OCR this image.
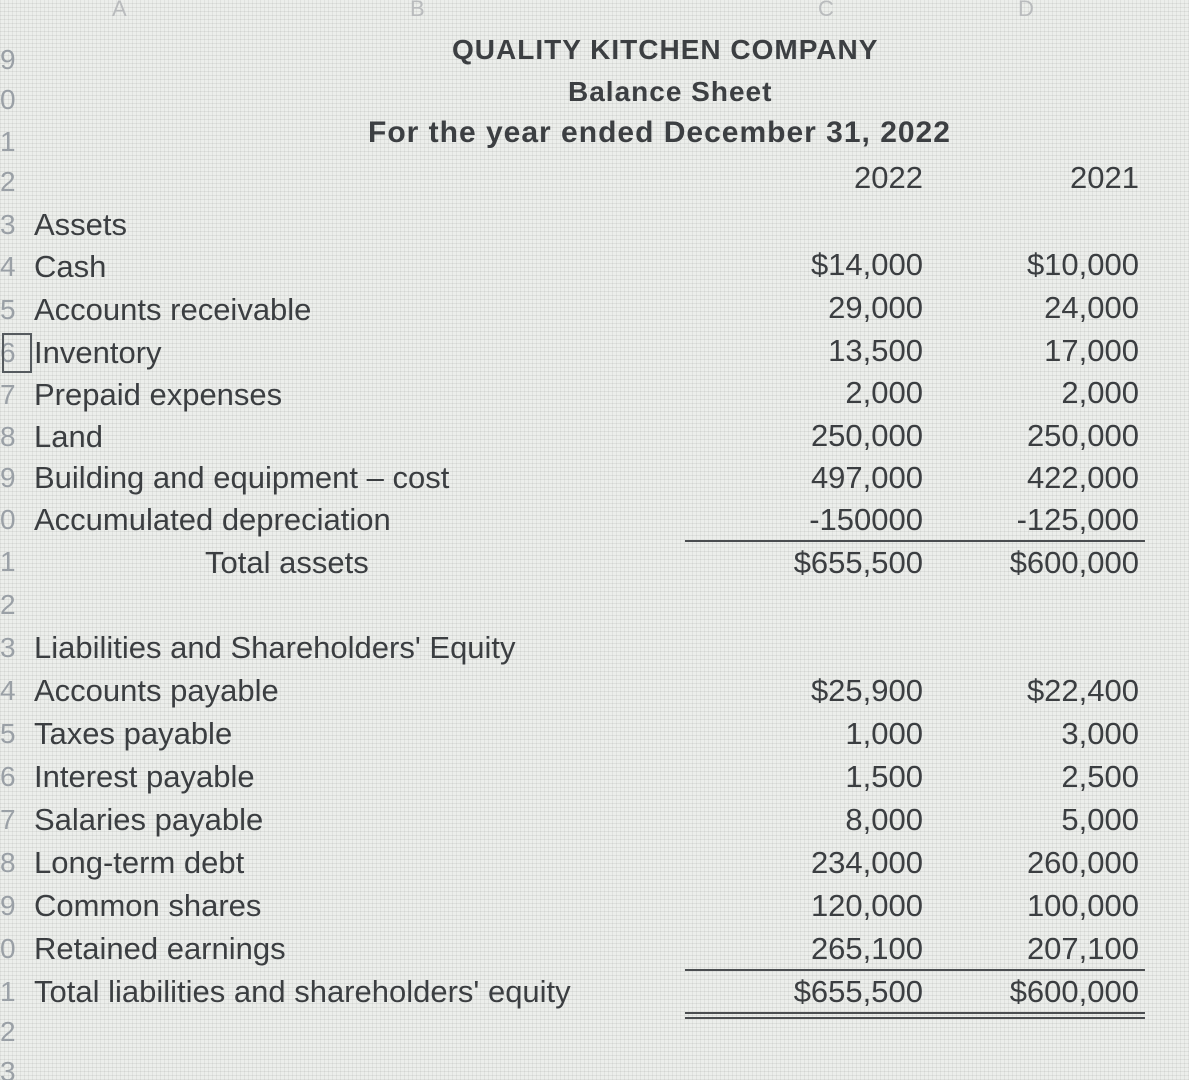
A	B	C	D
9
0
1
2
3
4
5
6
7
8
9
0
1
2
3
4
5
6
7
8
9
0
1
2
3
QUALITY KITCHEN COMPANY
Balance Sheet
For the year ended December 31, 2022
2022	2021
Assets
Cash	$14,000	$10,000
Accounts receivable	29,000	24,000
Inventory	13,500	17,000
Prepaid expenses	2,000	2,000
Land	250,000	250,000
Building and equipment – cost	497,000	422,000
Accumulated depreciation	-150000	-125,000
Total assets	$655,500	$600,000
Liabilities and Shareholders' Equity
Accounts payable	$25,900	$22,400
Taxes payable	1,000	3,000
Interest payable	1,500	2,500
Salaries payable	8,000	5,000
Long-term debt	234,000	260,000
Common shares	120,000	100,000
Retained earnings	265,100	207,100
Total liabilities and shareholders' equity	$655,500	$600,000
